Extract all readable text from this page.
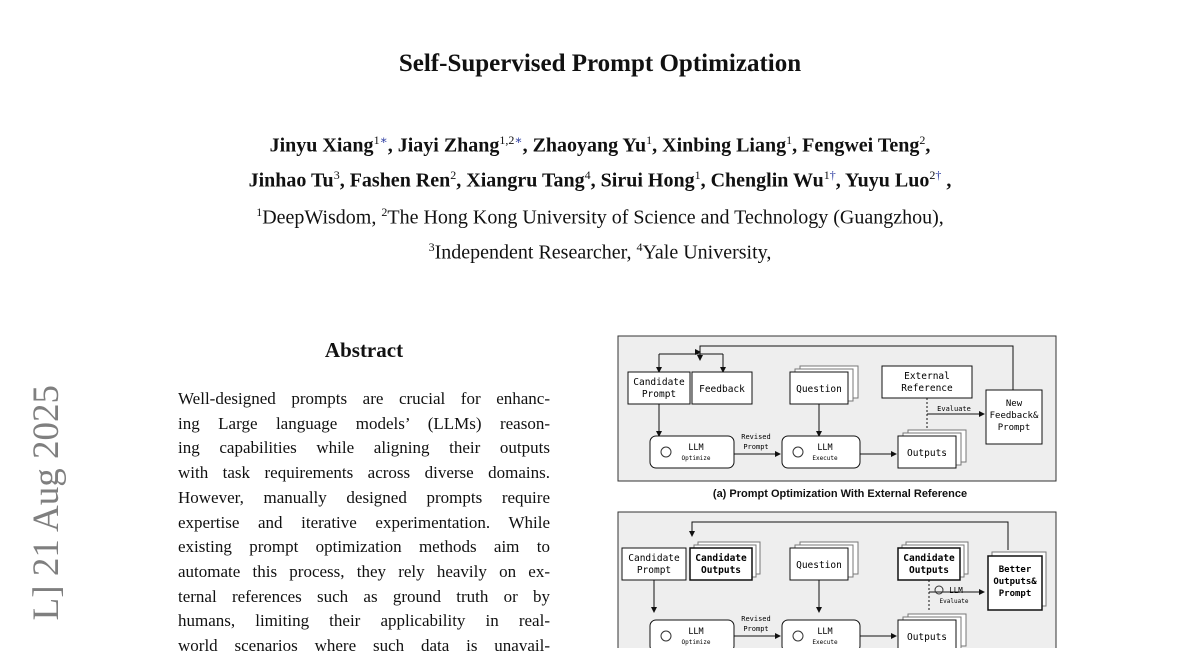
Self-Supervised Prompt Optimization
Jinyu Xiang$^{1∗}$, Jiayi Zhang$^{1,2∗}$, Zhaoyang Yu$^1$, Xinbing Liang$^1$, Fengwei Teng$^2$,
Jinhao Tu$^3$, Fashen Ren$^2$, Xiangru Tang$^4$, Sirui Hong$^1$, Chenglin $Wu^{1\dagger}$, Yuyu Luo$^{2\dagger}$ ,
$^1$DeepWisdom, $^2$The Hong Kong University of Science and Technology (Guangzhou),
$^3$Independent Researcher, $^4$Yale University,
L] 21 Aug 2025
Abstract
Well-designed prompts are crucial for enhanc-
ing Large language models’ (LLMs) reason-
ing capabilities while aligning their outputs
with task requirements across diverse domains.
However, manually designed prompts require
expertise and iterative experimentation. While
existing prompt optimization methods aim to
automate this process, they rely heavily on ex-
ternal references such as ground truth or by
humans, limiting their applicability in real-
world scenarios where such data is unavail-
Candidate
Prompt Feedback	Question
External
Reference
New
Feedback&
Prompt
Evaluate
LLM
Optimize
Revised
Prompt	LLM
Execute	Outputs
Candidate
Prompt
Candidate
Outputs	Question
Candidate
Outputs	Better
Outputs&
Prompt
LLM
Evaluate
LLM
Optimize
Revised
Prompt	LLM
Execute	Outputs
(a) Prompt Optimization With External Reference
